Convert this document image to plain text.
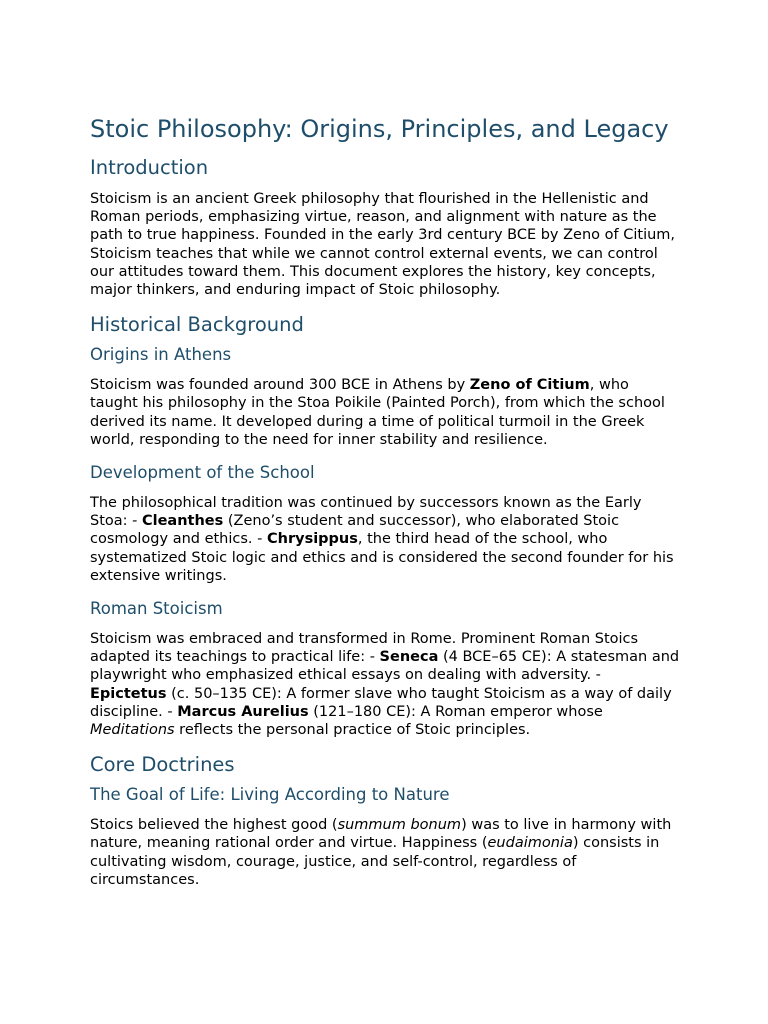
Stoic Philosophy: Origins, Principles, and Legacy
Introduction

Stoicism is an ancient Greek philosophy that flourished in the Hellenistic and Roman periods, emphasizing virtue, reason, and alignment with nature as the path to true happiness. Founded in the early 3rd century BCE by Zeno of Citium, Stoicism teaches that while we cannot control external events, we can control our attitudes toward them. This document explores the history, key concepts, major thinkers, and enduring impact of Stoic philosophy.

Historical Background
Origins in Athens

Stoicism was founded around 300 BCE in Athens by Zeno of Citium, who taught his philosophy in the Stoa Poikile (Painted Porch), from which the school derived its name. It developed during a time of political turmoil in the Greek world, responding to the need for inner stability and resilience.

Development of the School

The philosophical tradition was continued by successors known as the Early Stoa: - Cleanthes (Zeno’s student and successor), who elaborated Stoic cosmology and ethics. - Chrysippus, the third head of the school, who systematized Stoic logic and ethics and is considered the second founder for his extensive writings.

Roman Stoicism

Stoicism was embraced and transformed in Rome. Prominent Roman Stoics adapted its teachings to practical life: - Seneca (4 BCE–65 CE): A statesman and playwright who emphasized ethical essays on dealing with adversity. - Epictetus (c. 50–135 CE): A former slave who taught Stoicism as a way of daily discipline. - Marcus Aurelius (121–180 CE): A Roman emperor whose Meditations reflects the personal practice of Stoic principles.

Core Doctrines
The Goal of Life: Living According to Nature

Stoics believed the highest good (summum bonum) was to live in harmony with nature, meaning rational order and virtue. Happiness (eudaimonia) consists in cultivating wisdom, courage, justice, and self-control, regardless of circumstances.
